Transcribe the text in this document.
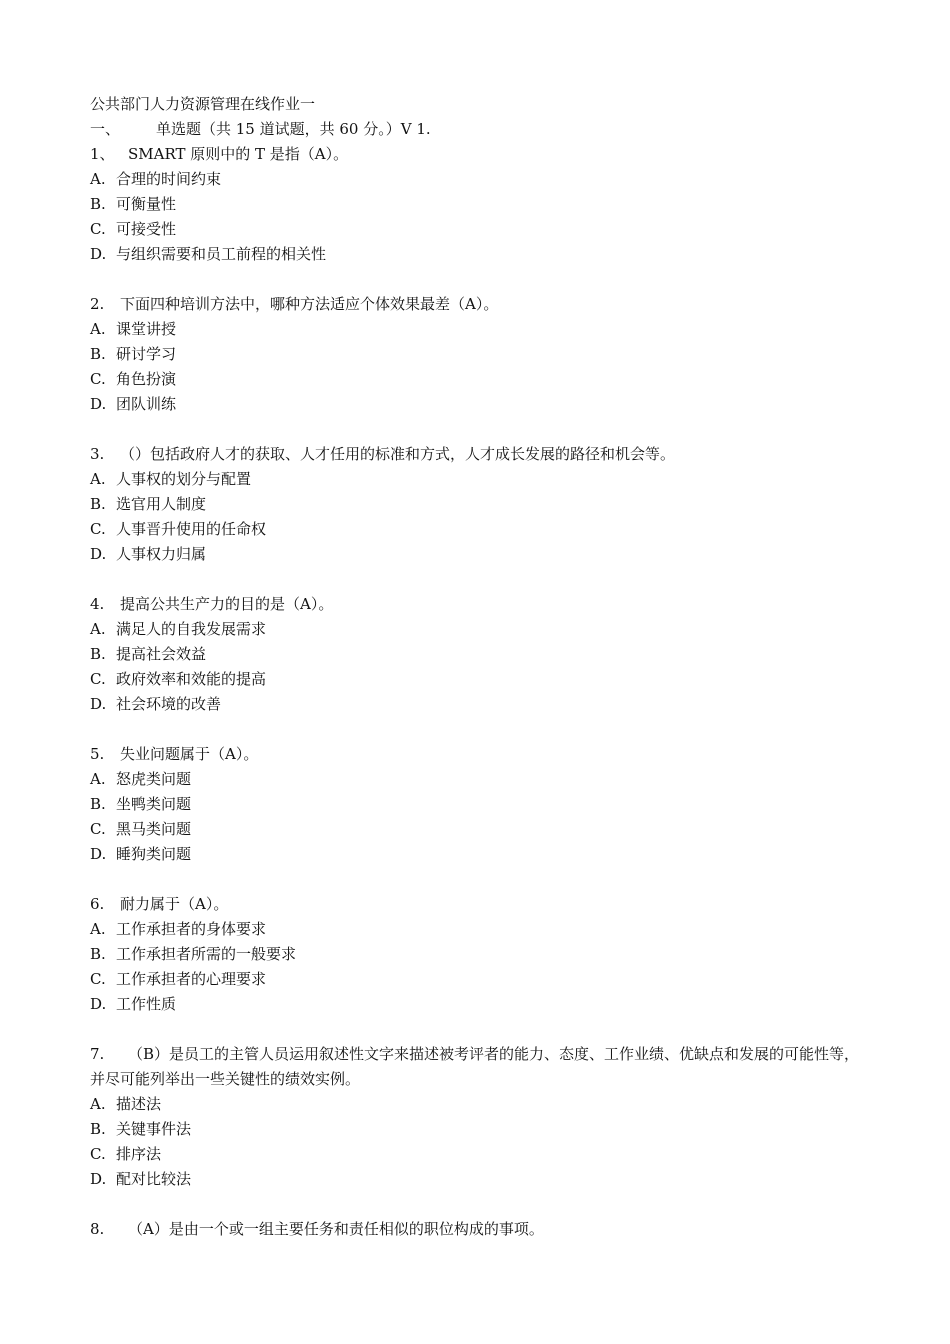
公共部门人力资源管理在线作业一
一、 单选题（共 15 道试题，共 60 分。）V 1.
1、 SMART 原则中的 T 是指（A）。
A. 合理的时间约束
B. 可衡量性
C. 可接受性
D. 与组织需要和员工前程的相关性
2. 下面四种培训方法中，哪种方法适应个体效果最差（A）。
A. 课堂讲授
B. 研讨学习
C. 角色扮演
D. 团队训练
3. （）包括政府人才的获取、人才任用的标准和方式，人才成长发展的路径和机会等。
A. 人事权的划分与配置
B. 选官用人制度
C. 人事晋升使用的任命权
D. 人事权力归属
4. 提高公共生产力的目的是（A）。
A. 满足人的自我发展需求
B. 提高社会效益
C. 政府效率和效能的提高
D. 社会环境的改善
5. 失业问题属于（A）。
A. 怒虎类问题
B. 坐鸭类问题
C. 黑马类问题
D. 睡狗类问题
6. 耐力属于（A）。
A. 工作承担者的身体要求
B. 工作承担者所需的一般要求
C. 工作承担者的心理要求
D. 工作性质
7. （B）是员工的主管人员运用叙述性文字来描述被考评者的能力、态度、工作业绩、优缺点和发展的可能性等，并尽可能列举出一些关键性的绩效实例。
A. 描述法
B. 关键事件法
C. 排序法
D. 配对比较法
8. （A）是由一个或一组主要任务和责任相似的职位构成的事项。
